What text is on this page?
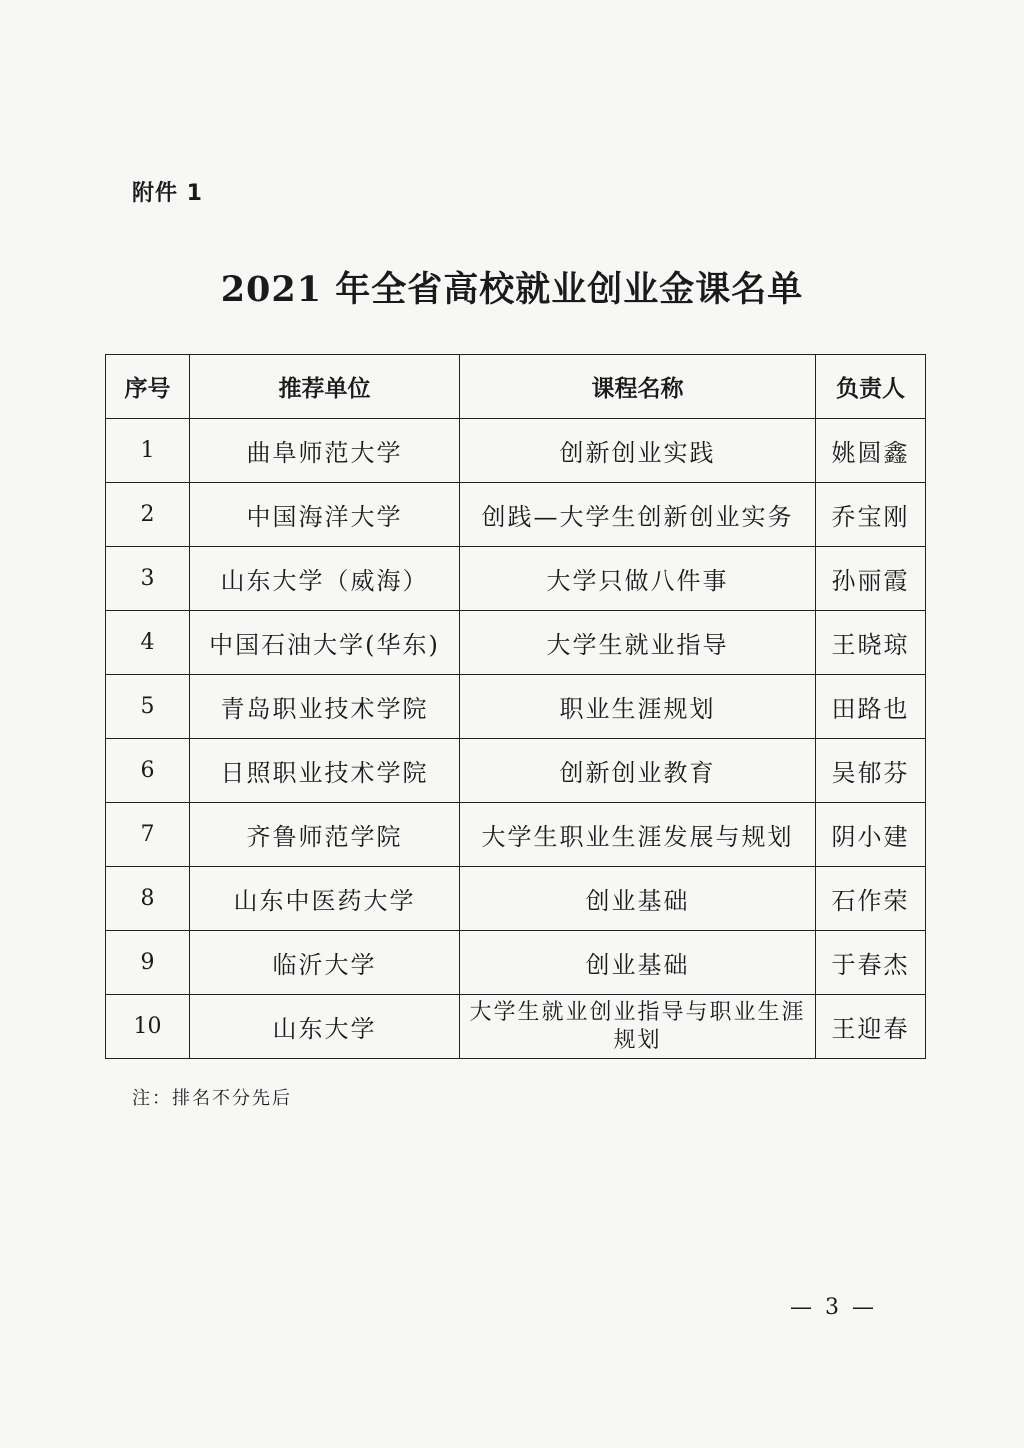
附件 1
2021 年全省高校就业创业金课名单
序号	推荐单位	课程名称	负责人
1	曲阜师范大学	创新创业实践	姚圆鑫
2	中国海洋大学	创践—大学生创新创业实务	乔宝刚
3	山东大学（威海）	大学只做八件事	孙丽霞
4	中国石油大学(华东)	大学生就业指导	王晓琼
5	青岛职业技术学院	职业生涯规划	田路也
6	日照职业技术学院	创新创业教育	吴郁芬
7	齐鲁师范学院	大学生职业生涯发展与规划	阴小建
8	山东中医药大学	创业基础	石作荣
9	临沂大学	创业基础	于春杰
10	山东大学	大学生就业创业指导与职业生涯规划	王迎春
注：排名不分先后
— 3 —
